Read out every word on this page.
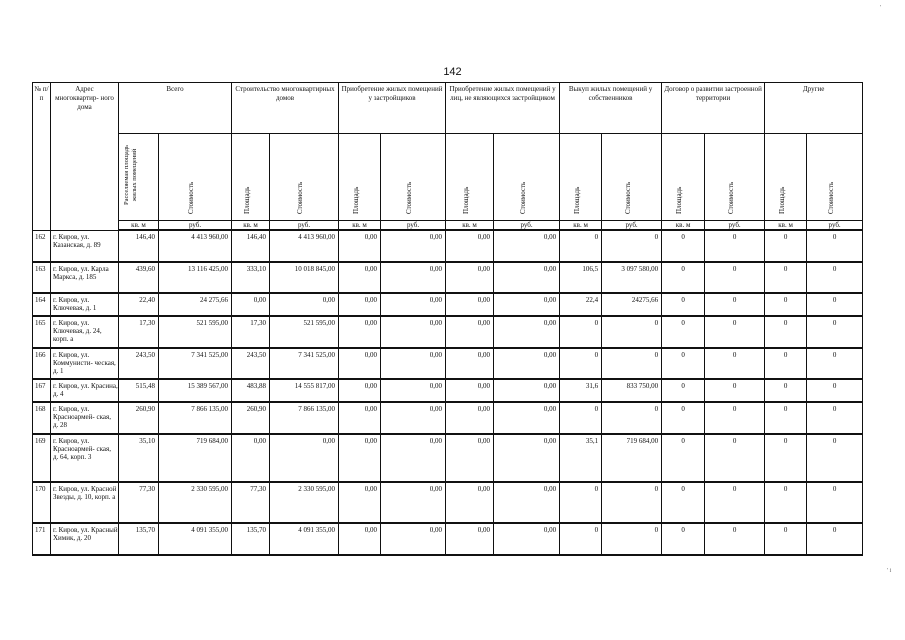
142
'
' i
№ п/п	Адрес многоквартир- ного дома	Всего		Строительство многоквартирных домов		Приобретение жилых помещений у застройщиков		Приобретение жилых помещений у лиц, не являющихся застройщиком		Выкуп жилых помещений у собственников		Договор о развитии застроенной территории		Другие	

		Расселяемая площадь жилых помещений	Стоимость	Площадь	Стоимость	Площадь	Стоимость	Площадь	Стоимость	Площадь	Стоимость	Площадь	Стоимость	Площадь	Стоимость

		кв. м	руб.	кв. м	руб.	кв. м	руб.	кв. м	руб.	кв. м	руб.	кв. м	руб.	кв. м	руб.
162	г. Киров, ул. Казанская, д. 89	146,40	4 413 960,00	146,40	4 413 960,00	0,00	0,00	0,00	0,00	0	0	0	0	0	0
163	г. Киров, ул. Карла Маркса, д. 185	439,60	13 116 425,00	333,10	10 018 845,00	0,00	0,00	0,00	0,00	106,5	3 097 580,00	0	0	0	0
164	г. Киров, ул. Ключевая, д. 1	22,40	24 275,66	0,00	0,00	0,00	0,00	0,00	0,00	22,4	24275,66	0	0	0	0
165	г. Киров, ул. Ключевая, д. 24, корп. а	17,30	521 595,00	17,30	521 595,00	0,00	0,00	0,00	0,00	0	0	0	0	0	0
166	г. Киров, ул. Коммунисти- ческая, д. 1	243,50	7 341 525,00	243,50	7 341 525,00	0,00	0,00	0,00	0,00	0	0	0	0	0	0
167	г. Киров, ул. Красина, д. 4	515,48	15 389 567,00	483,88	14 555 817,00	0,00	0,00	0,00	0,00	31,6	833 750,00	0	0	0	0
168	г. Киров, ул. Красноармей- ская, д. 28	260,90	7 866 135,00	260,90	7 866 135,00	0,00	0,00	0,00	0,00	0	0	0	0	0	0
169	г. Киров, ул. Красноармей- ская, д. 64, корп. 3	35,10	719 684,00	0,00	0,00	0,00	0,00	0,00	0,00	35,1	719 684,00	0	0	0	0
170	г. Киров, ул. Красной Звезды, д. 10, корп. а	77,30	2 330 595,00	77,30	2 330 595,00	0,00	0,00	0,00	0,00	0	0	0	0	0	0
171	г. Киров, ул. Красный Химик, д. 20	135,70	4 091 355,00	135,70	4 091 355,00	0,00	0,00	0,00	0,00	0	0	0	0	0	0
